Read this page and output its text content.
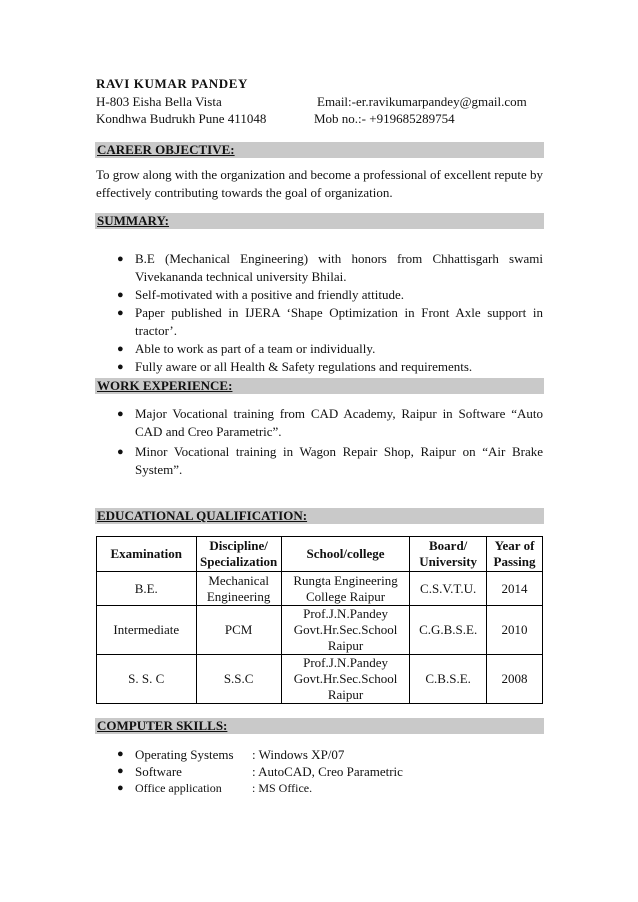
RAVI KUMAR PANDEY
H-803 Eisha Bella Vista
Kondhwa Budrukh Pune 411048
Email:-er.ravikumarpandey@gmail.com
Mob no.:- +919685289754
CAREER OBJECTIVE:

To grow along with the organization and become a professional of excellent repute by effectively contributing towards the goal of organization.

SUMMARY:
● B.E (Mechanical Engineering) with honors from Chhattisgarh swami Vivekananda technical university Bhilai.
● Self-motivated with a positive and friendly attitude.
● Paper published in IJERA ‘Shape Optimization in Front Axle support in tractor’.
● Able to work as part of a team or individually.
● Fully aware or all Health & Safety regulations and requirements.
WORK EXPERIENCE:
● Major Vocational training from CAD Academy, Raipur in Software “Auto CAD and Creo Parametric”.
● Minor Vocational training in Wagon Repair Shop, Raipur on “Air Brake System”.
EDUCATIONAL QUALIFICATION:
Examination	Discipline/ Specialization	School/college	Board/ University	Year of Passing
B.E.	Mechanical Engineering	Rungta Engineering College Raipur	C.S.V.T.U.	2014
Intermediate	PCM	Prof.J.N.Pandey Govt.Hr.Sec.School Raipur	C.G.B.S.E.	2010
S. S. C	S.S.C	Prof.J.N.Pandey Govt.Hr.Sec.School Raipur	C.B.S.E.	2008
COMPUTER SKILLS:
● Operating Systems : Windows XP/07
● Software	: AutoCAD, Creo Parametric
● Office application	: MS Office.
